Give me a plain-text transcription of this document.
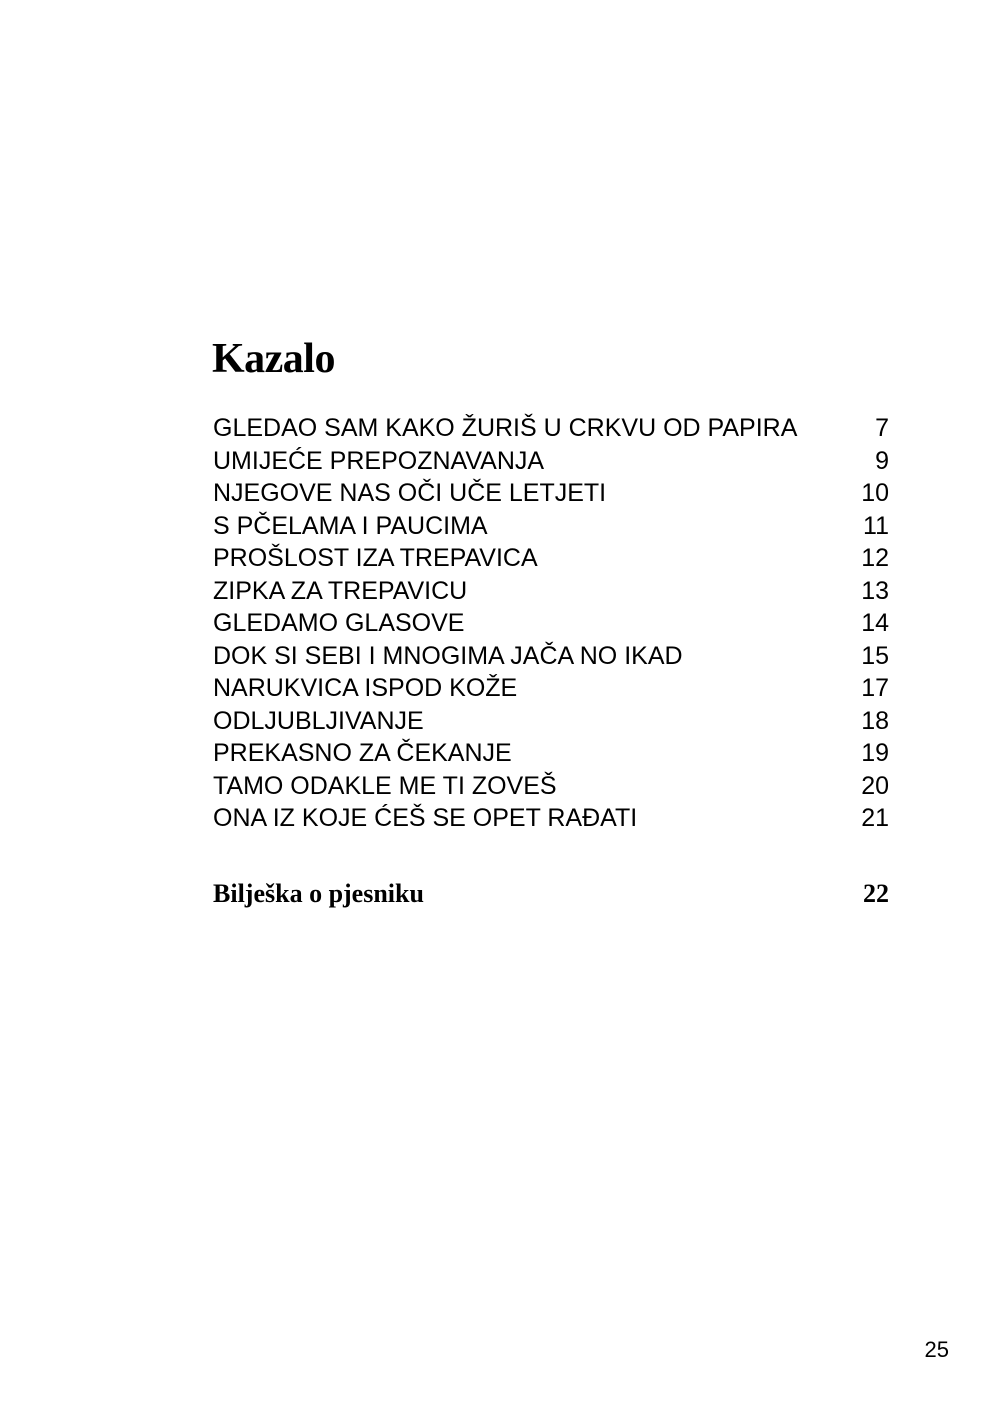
Kazalo
GLEDAO SAM KAKO ŽURIŠ U CRKVU OD PAPIRA	7
UMIJEĆE PREPOZNAVANJA	9
NJEGOVE NAS OČI UČE LETJETI	10
S PČELAMA I PAUCIMA	11
PROŠLOST IZA TREPAVICA	12
ZIPKA ZA TREPAVICU	13
GLEDAMO GLASOVE	14
DOK SI SEBI I MNOGIMA JAČA NO IKAD	15
NARUKVICA ISPOD KOŽE	17
ODLJUBLJIVANJE	18
PREKASNO ZA ČEKANJE	19
TAMO ODAKLE ME TI ZOVEŠ	20
ONA IZ KOJE ĆEŠ SE OPET RAĐATI	21
Bilješka o pjesniku	22
25
